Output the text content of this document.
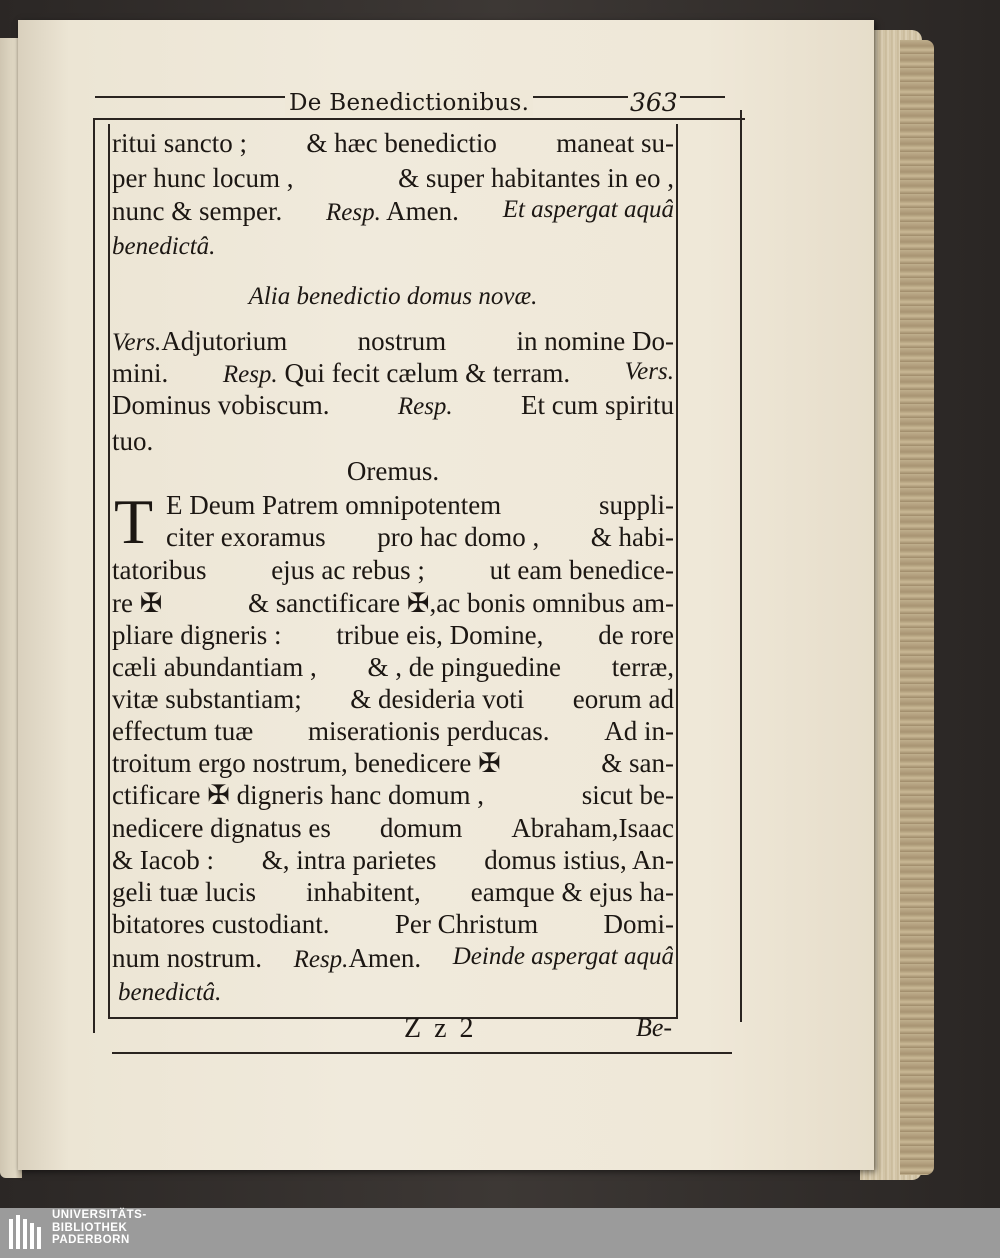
De Benedictionibus.	363
ritui sancto ; & hæc benedictio maneat su-
per hunc locum ,	& super habitantes in eo ,
nunc & semper. Resp. Amen. Et aspergat aquâ
benedictâ.
Alia benedictio domus novæ.
Vers.Adjutorium	nostrum	in nomine Do-
mini. Resp. Qui fecit cælum & terram. Vers.
Dominus vobiscum.	Resp.	Et cum spiritu
tuo.
Oremus.
T E Deum Patrem omnipotentem	suppli-
citer exoramus pro hac domo , & habi-
tatoribus ejus ac rebus ; ut eam benedice-
re ✠	& sanctificare ✠,ac bonis omnibus am-
pliare digneris : tribue eis, Domine, de rore
cæli abundantiam , & , de pinguedine terræ,
vitæ substantiam; & desideria voti eorum ad
effectum tuæ miserationis perducas. Ad in-
troitum ergo nostrum, benedicere ✠	& san-
ctificare ✠ digneris hanc domum ,	sicut be-
nedicere dignatus es domum Abraham,Isaac
& Iacob : &, intra parietes domus istius, An-
geli tuæ lucis inhabitent, eamque & ejus ha-
bitatores custodiant. Per Christum Domi-
num nostrum. Resp.Amen. Deinde aspergat aquâ
benedictâ.
Z z 2	Be-
UNIVERSITÄTS-
BIBLIOTHEK
PADERBORN
